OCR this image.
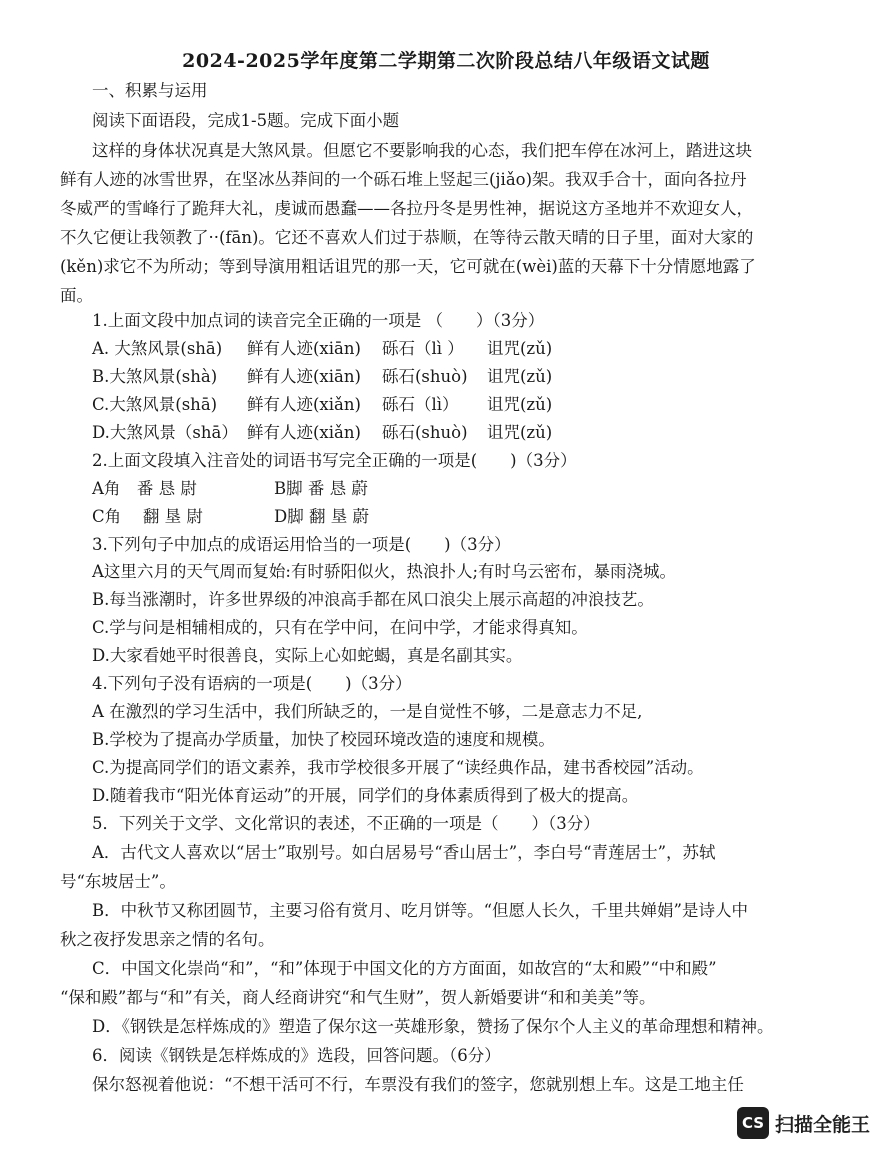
2024-2025学年度第二学期第二次阶段总结八年级语文试题
一、积累与运用
阅读下面语段，完成1-5题。完成下面小题
这样的身体状况真是大煞风景。但愿它不要影响我的心态，我们把车停在冰河上，踏进这块
鲜有人迹的冰雪世界，在坚冰丛莽间的一个砾石堆上竖起三(jiǎo)架。我双手合十，面向各拉丹
冬威严的雪峰行了跪拜大礼，虔诚而愚蠢——各拉丹冬是男性神，据说这方圣地并不欢迎女人，
不久它便让我领教了··(fān)。它还不喜欢人们过于恭顺，在等待云散天晴的日子里，面对大家的
(kěn)求它不为所动；等到导演用粗话诅咒的那一天，它可就在(wèi)蓝的天幕下十分情愿地露了
面。
1.上面文段中加点词的读音完全正确的一项是 （　　）（3分）
A. 大煞风景(shā) 鲜有人迹(xiān) 砾石（lì ） 诅咒(zǔ)
B.大煞风景(shà) 鲜有人迹(xiān) 砾石(shuò) 诅咒(zǔ)
C.大煞风景(shā) 鲜有人迹(xiǎn) 砾石（lì） 诅咒(zǔ)
D.大煞风景（shā） 鲜有人迹(xiǎn) 砾石(shuò) 诅咒(zǔ)
2.上面文段填入注音处的词语书写完全正确的一项是(　　)（3分）
A角　番 恳 尉	B脚 番 恳 蔚
C角　 翻 垦 尉	D脚 翻 垦 蔚
3.下列句子中加点的成语运用恰当的一项是(　　)（3分）
A这里六月的天气周而复始:有时骄阳似火，热浪扑人;有时乌云密布，暴雨浇城。
B.每当涨潮时，许多世界级的冲浪高手都在风口浪尖上展示高超的冲浪技艺。
C.学与问是相辅相成的，只有在学中问，在问中学，才能求得真知。
D.大家看她平时很善良，实际上心如蛇蝎，真是名副其实。
4.下列句子没有语病的一项是(　　)（3分）
A 在激烈的学习生活中，我们所缺乏的，一是自觉性不够，二是意志力不足,
B.学校为了提高办学质量，加快了校园环境改造的速度和规模。
C.为提高同学们的语文素养，我市学校很多开展了“读经典作品，建书香校园”活动。
D.随着我市“阳光体育运动”的开展，同学们的身体素质得到了极大的提高。
5．下列关于文学、文化常识的表述，不正确的一项是（　　）（3分）
A．古代文人喜欢以“居士”取别号。如白居易号“香山居士”，李白号“青莲居士”，苏轼
号“东坡居士”。
B．中秋节又称团圆节，主要习俗有赏月、吃月饼等。“但愿人长久，千里共婵娟”是诗人中
秋之夜抒发思亲之情的名句。
C．中国文化崇尚“和”，“和”体现于中国文化的方方面面，如故宫的“太和殿”“中和殿”
“保和殿”都与“和”有关，商人经商讲究“和气生财”，贺人新婚要讲“和和美美”等。
D．《钢铁是怎样炼成的》塑造了保尔这一英雄形象，赞扬了保尔个人主义的革命理想和精神。
6．阅读《钢铁是怎样炼成的》选段，回答问题。（6分）
保尔怒视着他说：“不想干活可不行，车票没有我们的签字，您就别想上车。这是工地主任
CS 扫描全能王
